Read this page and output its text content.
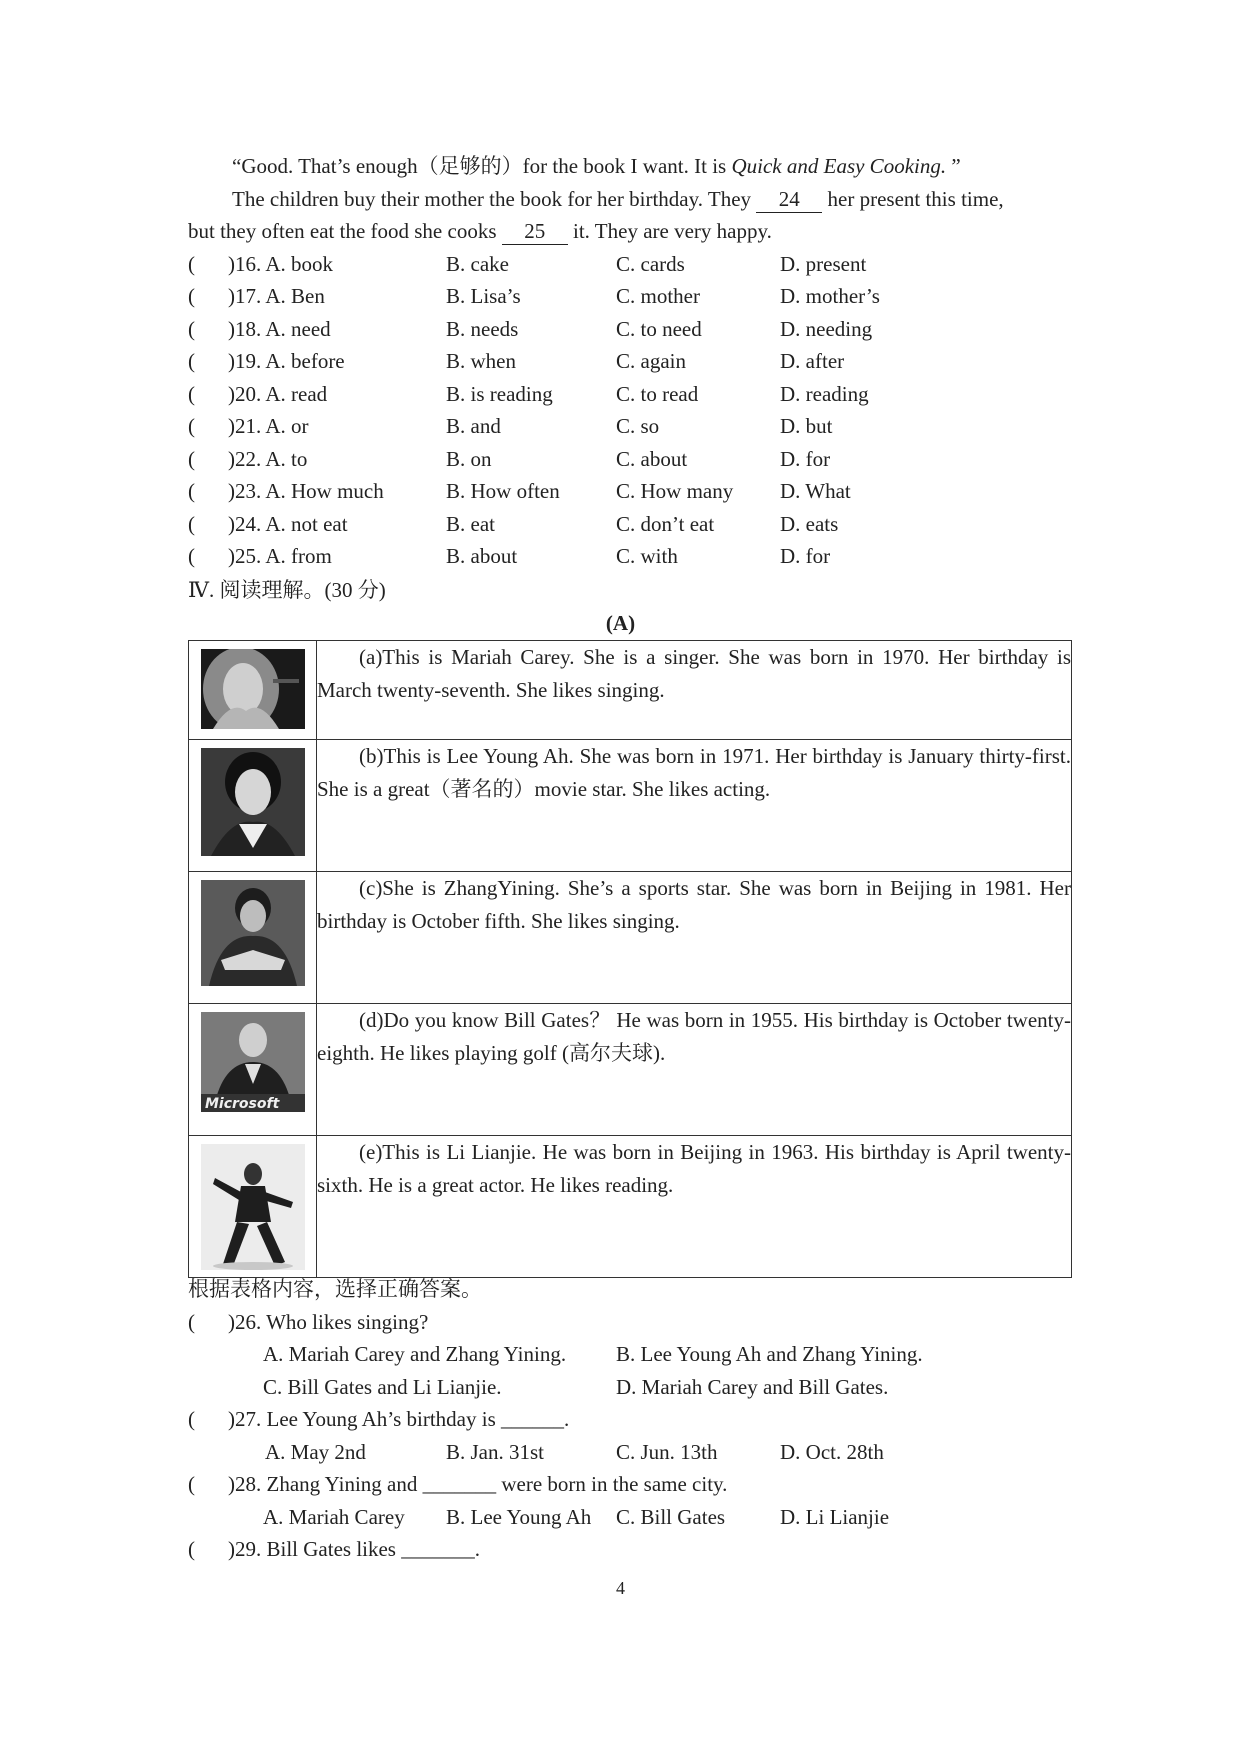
“Good. That’s enough（足够的）for the book I want. It is Quick and Easy Cooking. ”
The children buy their mother the book for her birthday. They 24 her present this time,
but they often eat the food she cooks 25 it. They are very happy.
( )16. A. book	B. cake	C. cards	D. present
( )17. A. Ben	B. Lisa’s	C. mother	D. mother’s
( )18. A. need	B. needs	C. to need	D. needing
( )19. A. before	B. when	C. again	D. after
( )20. A. read	B. is reading	C. to read	D. reading
( )21. A. or	B. and	C. so	D. but
( )22. A. to	B. on	C. about	D. for
( )23. A. How much	B. How often	C. How many D. What
( )24. A. not eat	B. eat	C. don’t eat	D. eats
( )25. A. from	B. about	C. with	D. for
Ⅳ. 阅读理解。(30 分)
(A)
	(a)This is Mariah Carey. She is a singer. She was born in 1970. Her birthday is March twenty-seventh. She likes singing.

	(b)This is Lee Young Ah. She was born in 1971. Her birthday is January thirty-first. She is a great（著名的）movie star. She likes acting.

	(c)She is ZhangYining. She’s a sports star. She was born in Beijing in 1981. Her birthday is October fifth. She likes singing.

Microsoft	(d)Do you know Bill Gates？ He was born in 1955. His birthday is October twenty-eighth. He likes playing golf (高尔夫球).

	(e)This is Li Lianjie. He was born in Beijing in 1963. His birthday is April twenty-sixth. He is a great actor. He likes reading.
根据表格内容，选择正确答案。
( )26. Who likes singing?
A. Mariah Carey and Zhang Yining. B. Lee Young Ah and Zhang Yining.
C. Bill Gates and Li Lianjie.	D. Mariah Carey and Bill Gates.
( )27. Lee Young Ah’s birthday is ______.
A. May 2nd	B. Jan. 31st	C. Jun. 13th	D. Oct. 28th
( )28. Zhang Yining and _______ were born in the same city.
A. Mariah Carey B. Lee Young Ah C. Bill Gates	D. Li Lianjie
( )29. Bill Gates likes _______.
4
